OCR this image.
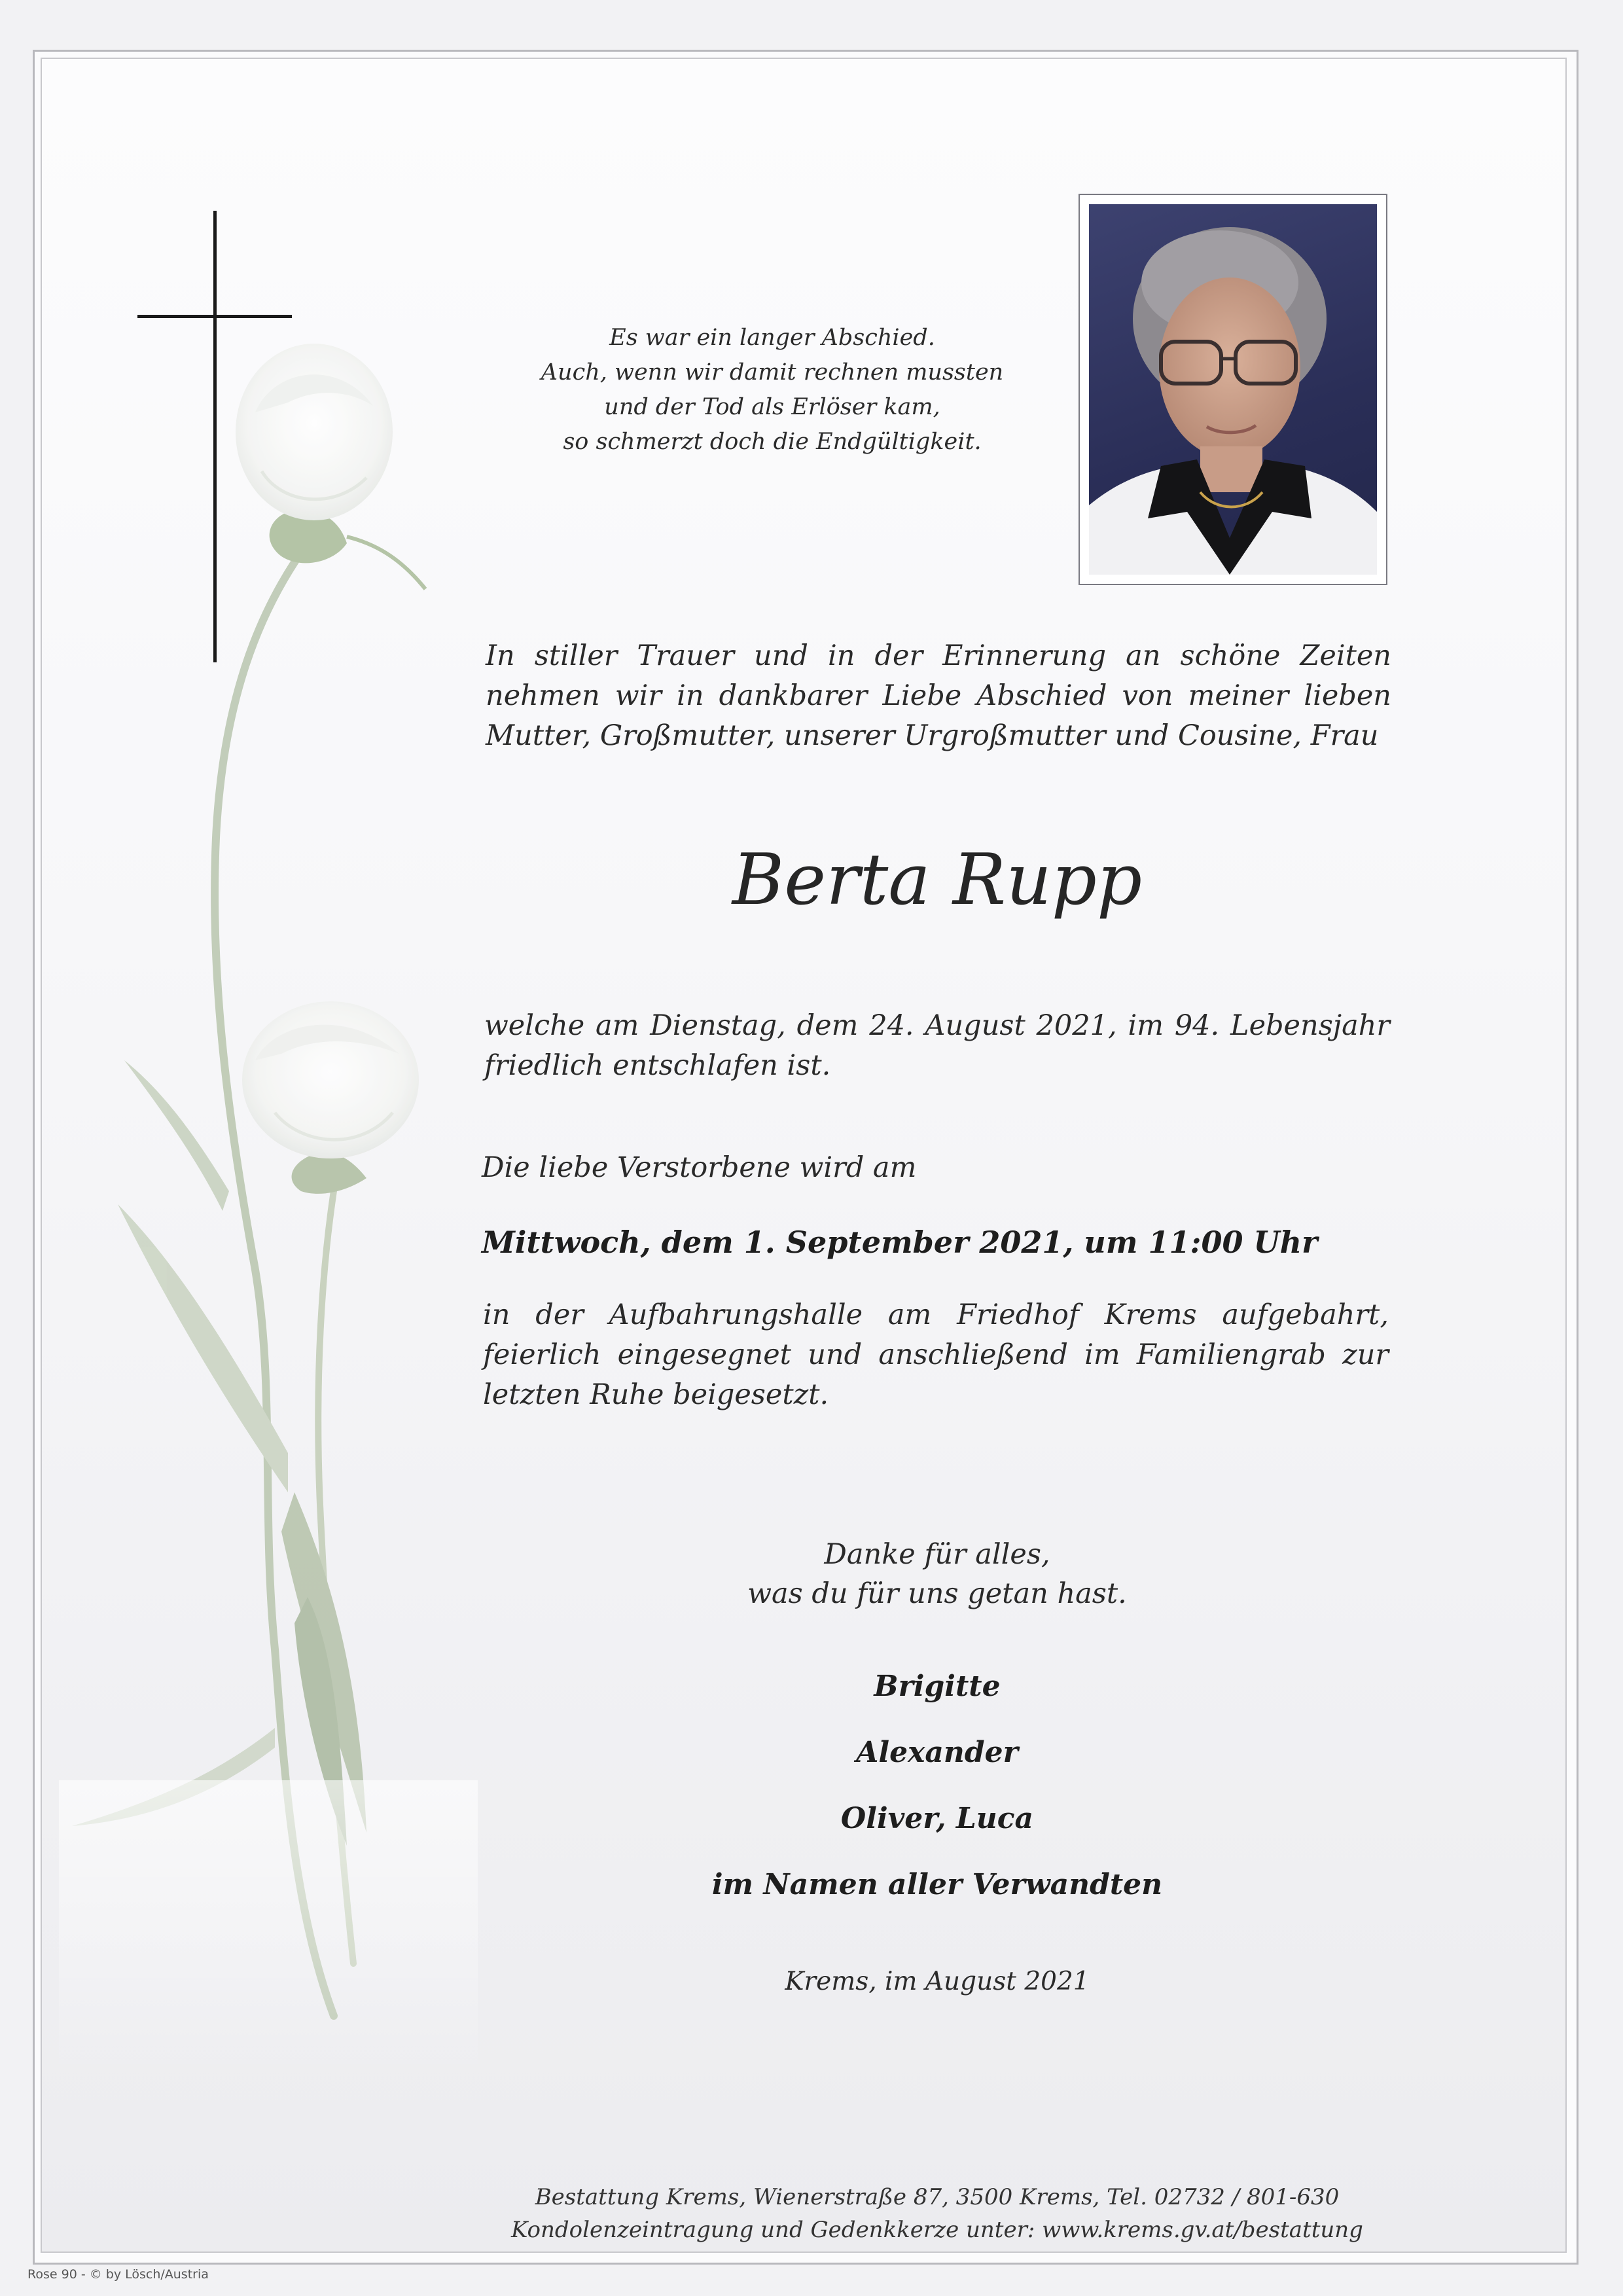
Es war ein langer Abschied.
Auch, wenn wir damit rechnen mussten
und der Tod als Erlöser kam,
so schmerzt doch die Endgültigkeit.
In stiller Trauer und in der Erinnerung an schöne Zeiten nehmen wir in dankbarer Liebe Abschied von meiner lieben Mutter, Großmutter, unserer Urgroßmutter und Cousine, Frau
Berta Rupp
welche am Dienstag, dem 24. August 2021, im 94. Lebensjahr friedlich entschlafen ist.
Die liebe Verstorbene wird am
Mittwoch, dem 1. September 2021, um 11:00 Uhr
in der Aufbahrungshalle am Friedhof Krems aufgebahrt, feierlich eingesegnet und anschließend im Familiengrab zur letzten Ruhe beigesetzt.
Danke für alles,
was du für uns getan hast.
Brigitte
Alexander
Oliver, Luca
im Namen aller Verwandten
Krems, im August 2021
Bestattung Krems, Wienerstraße 87, 3500 Krems, Tel. 02732 / 801-630
Kondolenzeintragung und Gedenkkerze unter: www.krems.gv.at/bestattung
Rose 90 - © by Lösch/Austria
